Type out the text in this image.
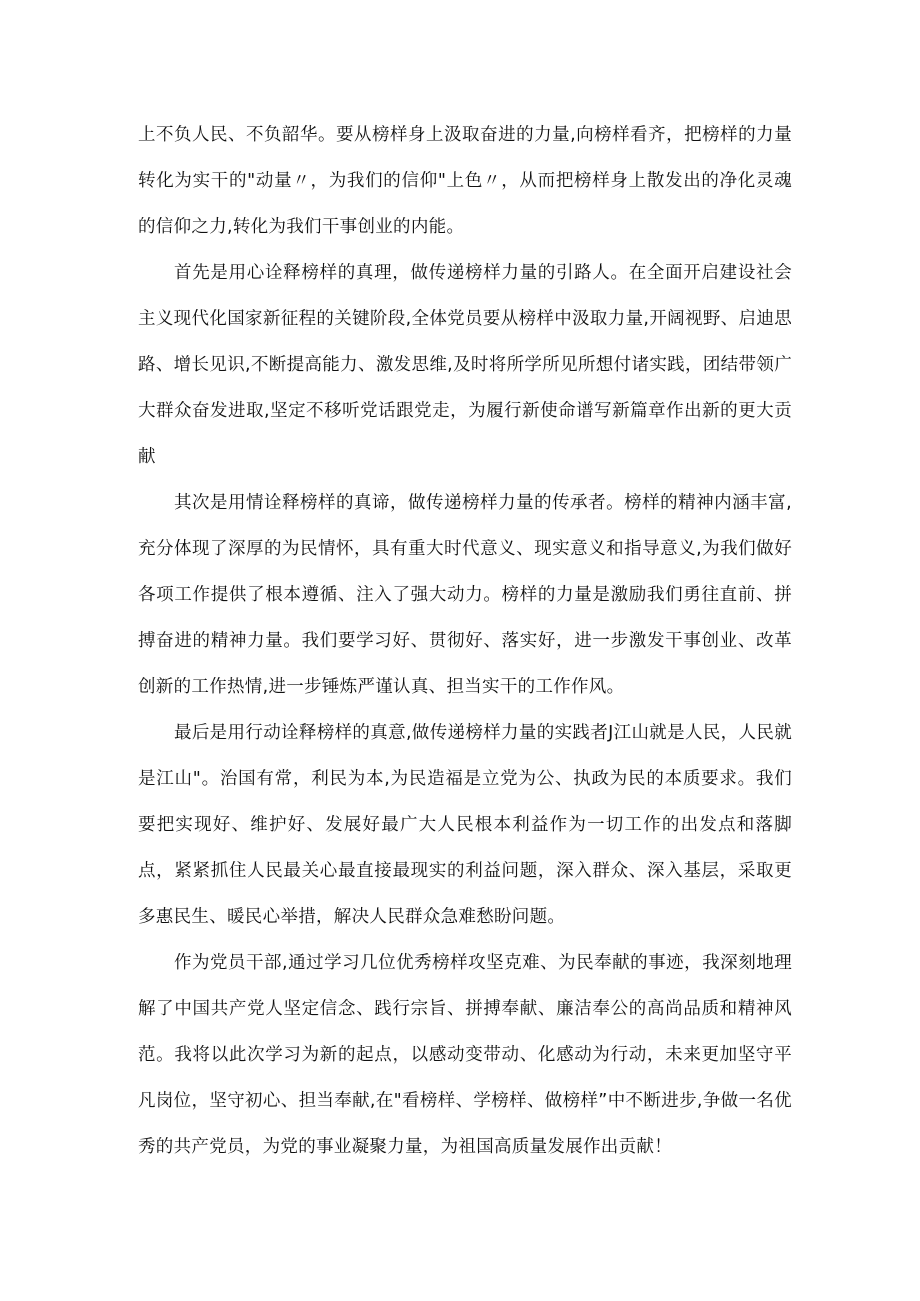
上不负人民、不负韶华。要从榜样身上汲取奋进的力量,向榜样看齐，把榜样的力量转化为实干的"动量〃，为我们的信仰"上色〃，从而把榜样身上散发出的净化灵魂的信仰之力,转化为我们干事创业的内能。

首先是用心诠释榜样的真理，做传递榜样力量的引路人。在全面开启建设社会主义现代化国家新征程的关键阶段,全体党员要从榜样中汲取力量,开阔视野、启迪思路、增长见识,不断提高能力、激发思维,及时将所学所见所想付诸实践，团结带领广大群众奋发进取,坚定不移听党话跟党走，为履行新使命谱写新篇章作出新的更大贡献

其次是用情诠释榜样的真谛，做传递榜样力量的传承者。榜样的精神内涵丰富,充分体现了深厚的为民情怀，具有重大时代意义、现实意义和指导意义,为我们做好各项工作提供了根本遵循、注入了强大动力。榜样的力量是激励我们勇往直前、拼搏奋进的精神力量。我们要学习好、贯彻好、落实好，进一步激发干事创业、改革创新的工作热情,进一步锤炼严谨认真、担当实干的工作作风。

最后是用行动诠释榜样的真意,做传递榜样力量的实践者J江山就是人民，人民就是江山"。治国有常，利民为本,为民造福是立党为公、执政为民的本质要求。我们要把实现好、维护好、发展好最广大人民根本利益作为一切工作的出发点和落脚点，紧紧抓住人民最关心最直接最现实的利益问题，深入群众、深入基层，采取更多惠民生、暖民心举措，解决人民群众急难愁盼问题。

作为党员干部,通过学习几位优秀榜样攻坚克难、为民奉献的事迹，我深刻地理解了中国共产党人坚定信念、践行宗旨、拼搏奉献、廉洁奉公的高尚品质和精神风范。我将以此次学习为新的起点，以感动变带动、化感动为行动，未来更加坚守平凡岗位，坚守初心、担当奉献,在"看榜样、学榜样、做榜样”中不断进步,争做一名优秀的共产党员，为党的事业凝聚力量，为祖国高质量发展作出贡献！
